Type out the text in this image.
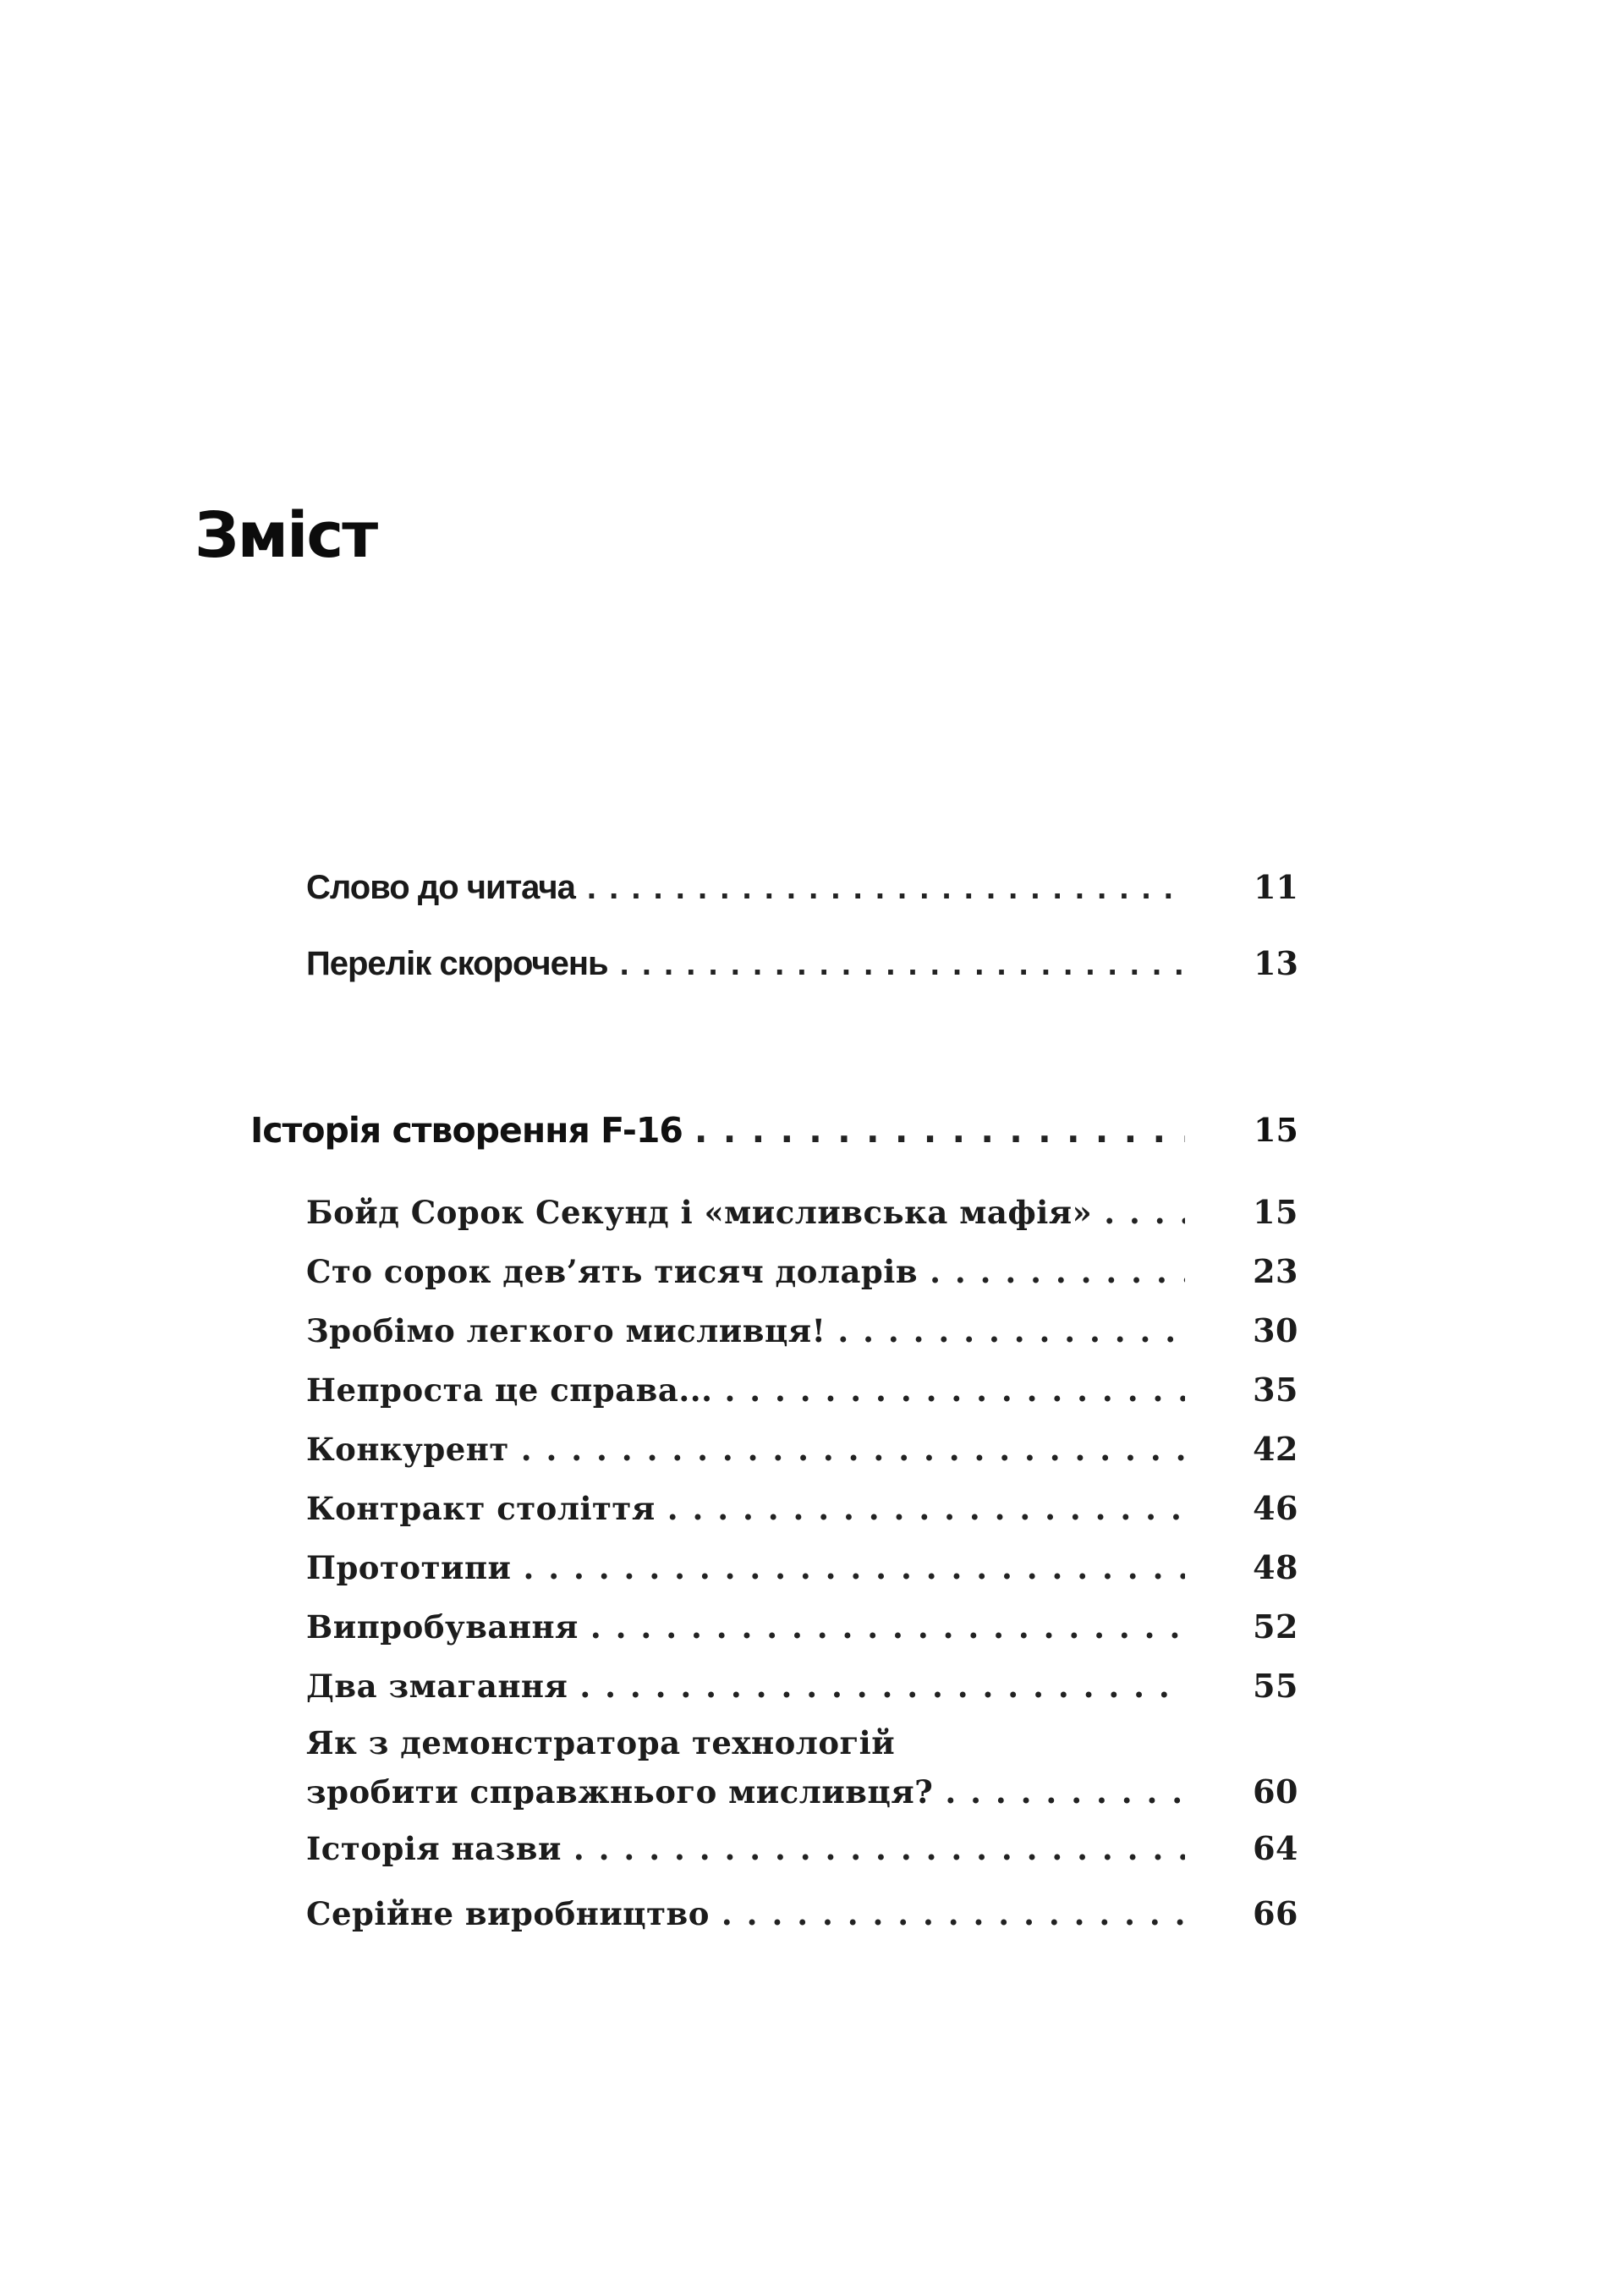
Зміст
Слово до читача . . .	11
Перелік скорочень . . .	13
Історія створення F-16 . . .	15
Бойд Сорок Секунд і «мисливська мафія» . . .	15
Сто сорок дев’ять тисяч доларів . . .	23
Зробімо легкого мисливця! . . .	30
Непроста це справа... . . .	35
Конкурент . . .	42
Контракт століття . . .	46
Прототипи . . .	48
Випробування . . .	52
Два змагання . . .	55
Як з демонстратора технологій
зробити справжнього мисливця? . . .	60
Історія назви . . .	64
Серійне виробництво . . .	66
